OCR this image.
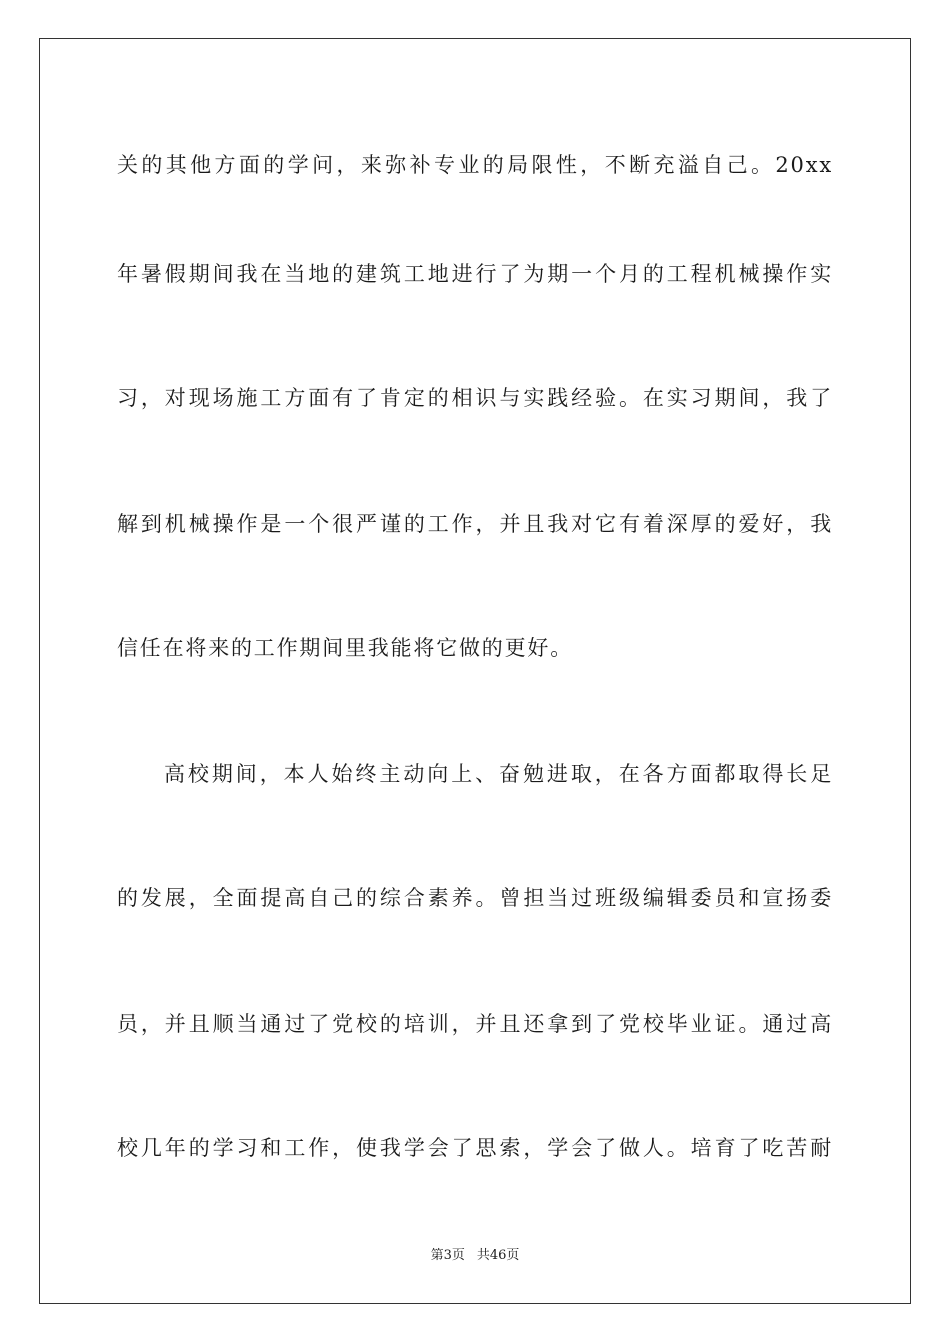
关的其他方面的学问，来弥补专业的局限性，不断充溢自己。20xx
年暑假期间我在当地的建筑工地进行了为期一个月的工程机械操作实
习，对现场施工方面有了肯定的相识与实践经验。在实习期间，我了
解到机械操作是一个很严谨的工作，并且我对它有着深厚的爱好，我
信任在将来的工作期间里我能将它做的更好。
高校期间，本人始终主动向上、奋勉进取，在各方面都取得长足
的发展，全面提高自己的综合素养。曾担当过班级编辑委员和宣扬委
员，并且顺当通过了党校的培训，并且还拿到了党校毕业证。通过高
校几年的学习和工作，使我学会了思索，学会了做人。培育了吃苦耐
第3页 共46页
